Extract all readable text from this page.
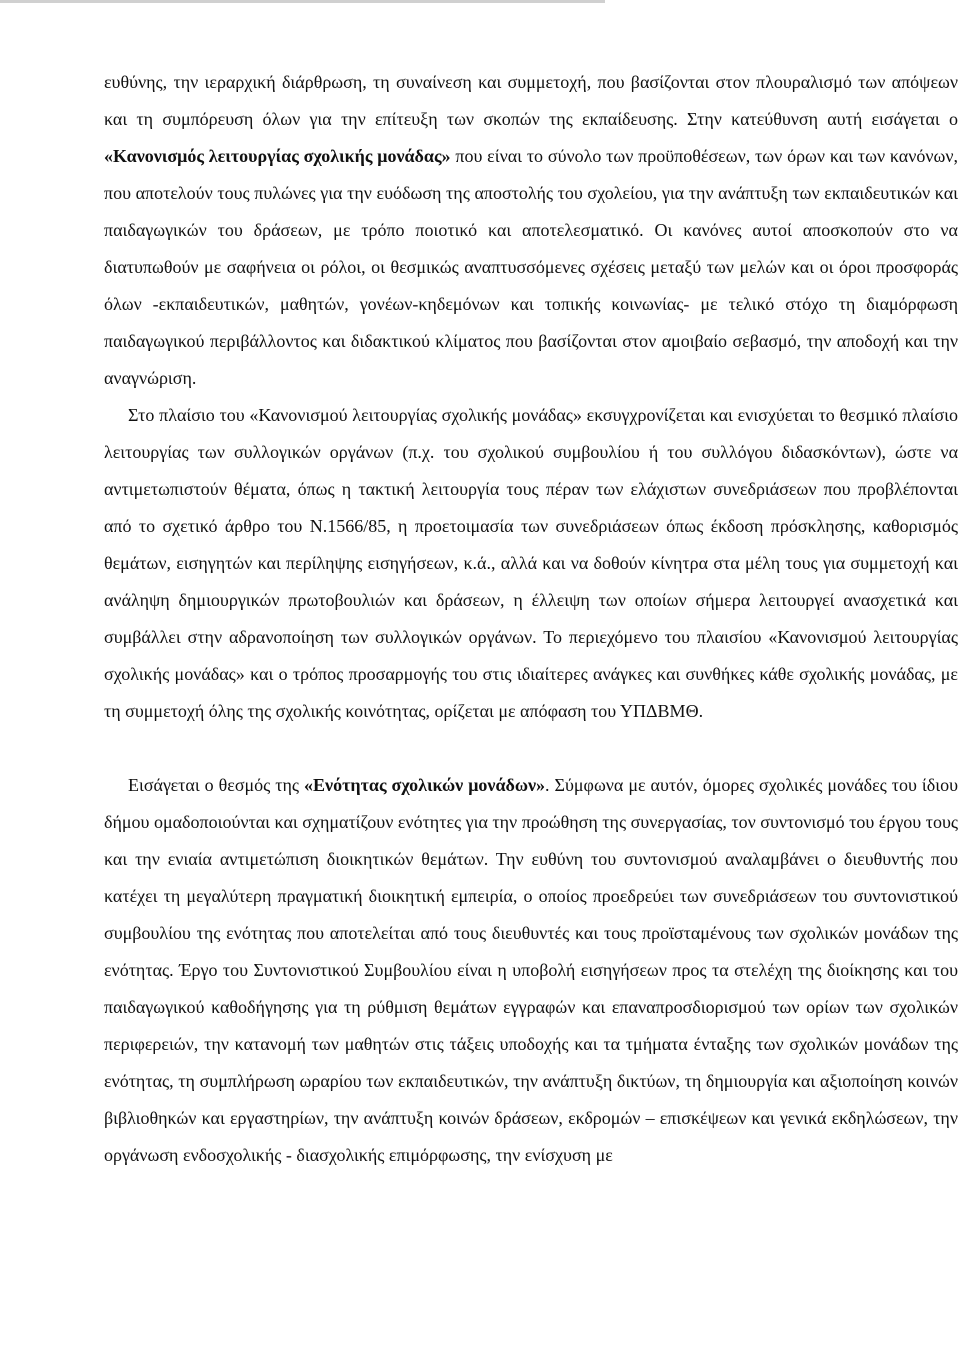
ευθύνης, την ιεραρχική διάρθρωση, τη συναίνεση και συμμετοχή, που βασίζονται στον πλουραλισμό των απόψεων και τη συμπόρευση όλων για την επίτευξη των σκοπών της εκπαίδευσης. Στην κατεύθυνση αυτή εισάγεται ο «Κανονισμός λειτουργίας σχολικής μονάδας» που είναι το σύνολο των προϋποθέσεων, των όρων και των κανόνων, που αποτελούν τους πυλώνες για την ευόδωση της αποστολής του σχολείου, για την ανάπτυξη των εκπαιδευτικών και παιδαγωγικών του δράσεων, με τρόπο ποιοτικό και αποτελεσματικό. Οι κανόνες αυτοί αποσκοπούν στο να διατυπωθούν με σαφήνεια οι ρόλοι, οι θεσμικώς αναπτυσσόμενες σχέσεις μεταξύ των μελών και οι όροι προσφοράς όλων -εκπαιδευτικών, μαθητών, γονέων-κηδεμόνων και τοπικής κοινωνίας- με τελικό στόχο τη διαμόρφωση παιδαγωγικού περιβάλλοντος και διδακτικού κλίματος που βασίζονται στον αμοιβαίο σεβασμό, την αποδοχή και την αναγνώριση.

Στο πλαίσιο του «Κανονισμού λειτουργίας σχολικής μονάδας» εκσυγχρονίζεται και ενισχύεται το θεσμικό πλαίσιο λειτουργίας των συλλογικών οργάνων (π.χ. του σχολικού συμβουλίου ή του συλλόγου διδασκόντων), ώστε να αντιμετωπιστούν θέματα, όπως η τακτική λειτουργία τους πέραν των ελάχιστων συνεδριάσεων που προβλέπονται από το σχετικό άρθρο του Ν.1566/85, η προετοιμασία των συνεδριάσεων όπως έκδοση πρόσκλησης, καθορισμός θεμάτων, εισηγητών και περίληψης εισηγήσεων, κ.ά., αλλά και να δοθούν κίνητρα στα μέλη τους για συμμετοχή και ανάληψη δημιουργικών πρωτοβουλιών και δράσεων, η έλλειψη των οποίων σήμερα λειτουργεί ανασχετικά και συμβάλλει στην αδρανοποίηση των συλλογικών οργάνων. Το περιεχόμενο του πλαισίου «Κανονισμού λειτουργίας σχολικής μονάδας» και ο τρόπος προσαρμογής του στις ιδιαίτερες ανάγκες και συνθήκες κάθε σχολικής μονάδας, με τη συμμετοχή όλης της σχολικής κοινότητας, ορίζεται με απόφαση του ΥΠΔΒΜΘ.

Εισάγεται ο θεσμός της «Ενότητας σχολικών μονάδων». Σύμφωνα με αυτόν, όμορες σχολικές μονάδες του ίδιου δήμου ομαδοποιούνται και σχηματίζουν ενότητες για την προώθηση της συνεργασίας, τον συντονισμό του έργου τους και την ενιαία αντιμετώπιση διοικητικών θεμάτων. Την ευθύνη του συντονισμού αναλαμβάνει ο διευθυντής που κατέχει τη μεγαλύτερη πραγματική διοικητική εμπειρία, ο οποίος προεδρεύει των συνεδριάσεων του συντονιστικού συμβουλίου της ενότητας που αποτελείται από τους διευθυντές και τους προϊσταμένους των σχολικών μονάδων της ενότητας. Έργο του Συντονιστικού Συμβουλίου είναι η υποβολή εισηγήσεων προς τα στελέχη της διοίκησης και του παιδαγωγικού καθοδήγησης για τη ρύθμιση θεμάτων εγγραφών και επαναπροσδιορισμού των ορίων των σχολικών περιφερειών, την κατανομή των μαθητών στις τάξεις υποδοχής και τα τμήματα ένταξης των σχολικών μονάδων της ενότητας, τη συμπλήρωση ωραρίου των εκπαιδευτικών, την ανάπτυξη δικτύων, τη δημιουργία και αξιοποίηση κοινών βιβλιοθηκών και εργαστηρίων, την ανάπτυξη κοινών δράσεων, εκδρομών – επισκέψεων και γενικά εκδηλώσεων, την οργάνωση ενδοσχολικής - διασχολικής επιμόρφωσης, την ενίσχυση με
